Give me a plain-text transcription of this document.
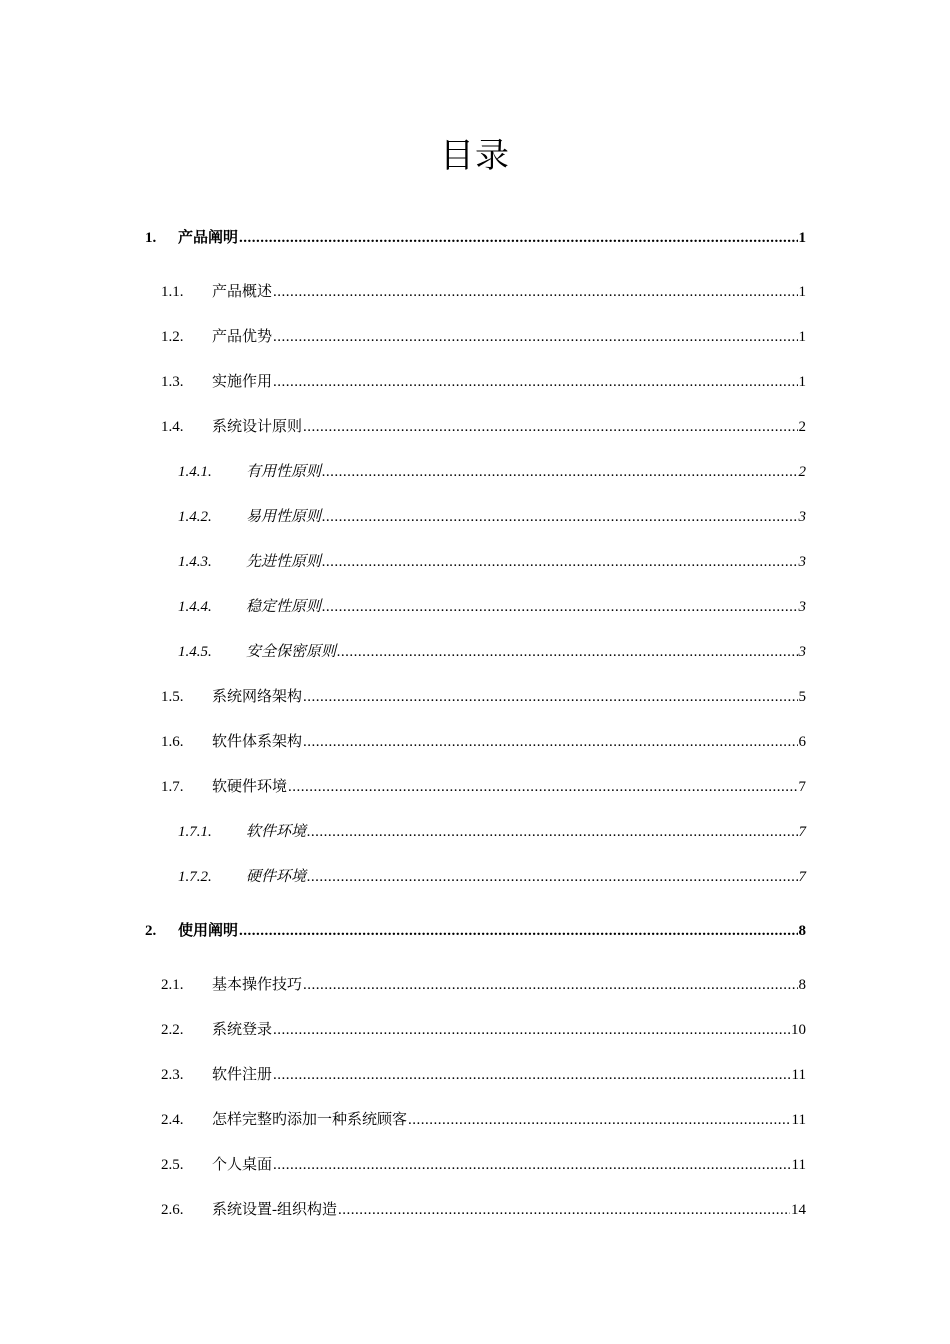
目录
1.	产品阐明 .....	1
1.1.	产品概述 .....	1
1.2.	产品优势 .....	1
1.3.	实施作用 .....	1
1.4.	系统设计原则 .....	2
1.4.1.	有用性原则 .....	2
1.4.2.	易用性原则 .....	3
1.4.3.	先进性原则 .....	3
1.4.4.	稳定性原则 .....	3
1.4.5.	安全保密原则 .....	3
1.5.	系统网络架构 .....	5
1.6.	软件体系架构 .....	6
1.7.	软硬件环境 .....	7
1.7.1.	软件环境 .....	7
1.7.2.	硬件环境 .....	7
2.	使用阐明 .....	8
2.1.	基本操作技巧 .....	8
2.2.	系统登录 .....	10
2.3.	软件注册 .....	11
2.4.	怎样完整旳添加一种系统顾客 .....	11
2.5.	个人桌面 .....	11
2.6.	系统设置-组织构造 .....	14
